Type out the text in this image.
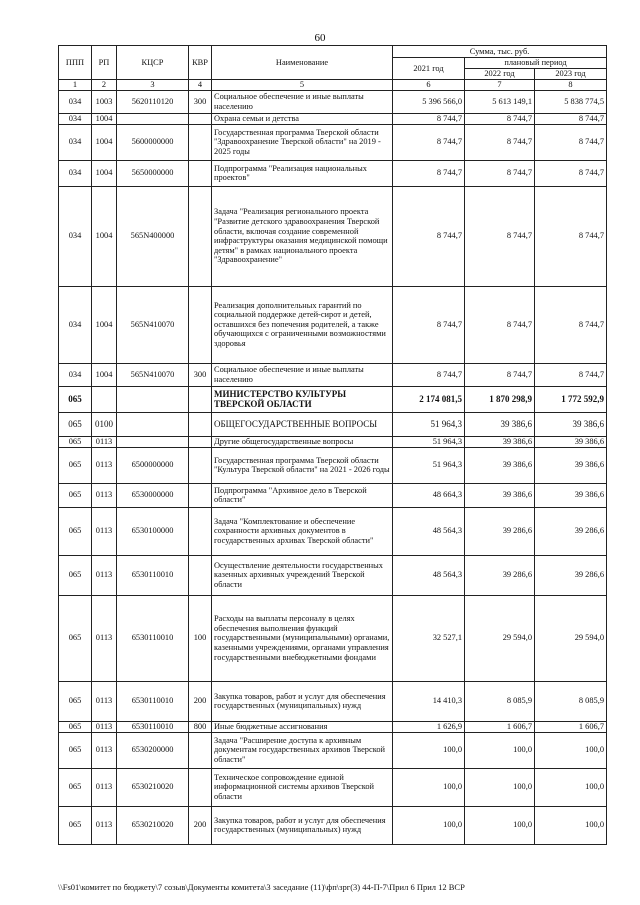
60
ППП	РП	КЦСР	КВР	Наименование	Сумма, тыс. руб.		
					2021 год	плановый период	
						2022 год	2023 год
1	2	3	4	5	6	7	8
034	1003	5620110120	300	Социальное обеспечение и иные выплаты населению	5 396 566,0	5 613 149,1	5 838 774,5
034	1004			Охрана семьи и детства	8 744,7	8 744,7	8 744,7
034	1004	5600000000		Государственная программа Тверской области "Здравоохранение Тверской области" на 2019 - 2025 годы	8 744,7	8 744,7	8 744,7
034	1004	5650000000		Подпрограмма "Реализация национальных проектов"	8 744,7	8 744,7	8 744,7
034	1004	565N400000		Задача "Реализация регионального проекта "Развитие детского здравоохранения Тверской области, включая создание современной инфраструктуры оказания медицинской помощи детям" в рамках национального проекта "Здравоохранение"	8 744,7	8 744,7	8 744,7
034	1004	565N410070		Реализация дополнительных гарантий по социальной поддержке детей-сирот и детей, оставшихся без попечения родителей, а также обучающихся с ограниченными возможностями здоровья	8 744,7	8 744,7	8 744,7
034	1004	565N410070	300	Социальное обеспечение и иные выплаты населению	8 744,7	8 744,7	8 744,7
065				МИНИСТЕРСТВО КУЛЬТУРЫ ТВЕРСКОЙ ОБЛАСТИ	2 174 081,5	1 870 298,9	1 772 592,9
065	0100			ОБЩЕГОСУДАРСТВЕННЫЕ ВОПРОСЫ	51 964,3	39 386,6	39 386,6
065	0113			Другие общегосударственные вопросы	51 964,3	39 386,6	39 386,6
065	0113	6500000000		Государственная программа Тверской области "Культура Тверской области" на 2021 - 2026 годы	51 964,3	39 386,6	39 386,6
065	0113	6530000000		Подпрограмма "Архивное дело в Тверской области"	48 664,3	39 386,6	39 386,6
065	0113	6530100000		Задача "Комплектование и обеспечение сохранности архивных документов в государственных архивах Тверской области"	48 564,3	39 286,6	39 286,6
065	0113	6530110010		Осуществление деятельности государственных казенных архивных учреждений Тверской области	48 564,3	39 286,6	39 286,6
065	0113	6530110010	100	Расходы на выплаты персоналу в целях обеспечения выполнения функций государственными (муниципальными) органами, казенными учреждениями, органами управления государственными внебюджетными фондами	32 527,1	29 594,0	29 594,0
065	0113	6530110010	200	Закупка товаров, работ и услуг для обеспечения государственных (муниципальных) нужд	14 410,3	8 085,9	8 085,9
065	0113	6530110010	800	Иные бюджетные ассигнования	1 626,9	1 606,7	1 606,7
065	0113	6530200000		Задача "Расширение доступа к архивным документам государственных архивов Тверской области"	100,0	100,0	100,0
065	0113	6530210020		Техническое сопровождение единой информационной системы архивов Тверской области	100,0	100,0	100,0
065	0113	6530210020	200	Закупка товаров, работ и услуг для обеспечения государственных (муниципальных) нужд	100,0	100,0	100,0
\\Fs01\комитет по бюджету\7 созыв\Документы комитета\3 заседание (11)\фп\зрг(3) 44-П-7\Прил 6 Прил 12 ВСР
